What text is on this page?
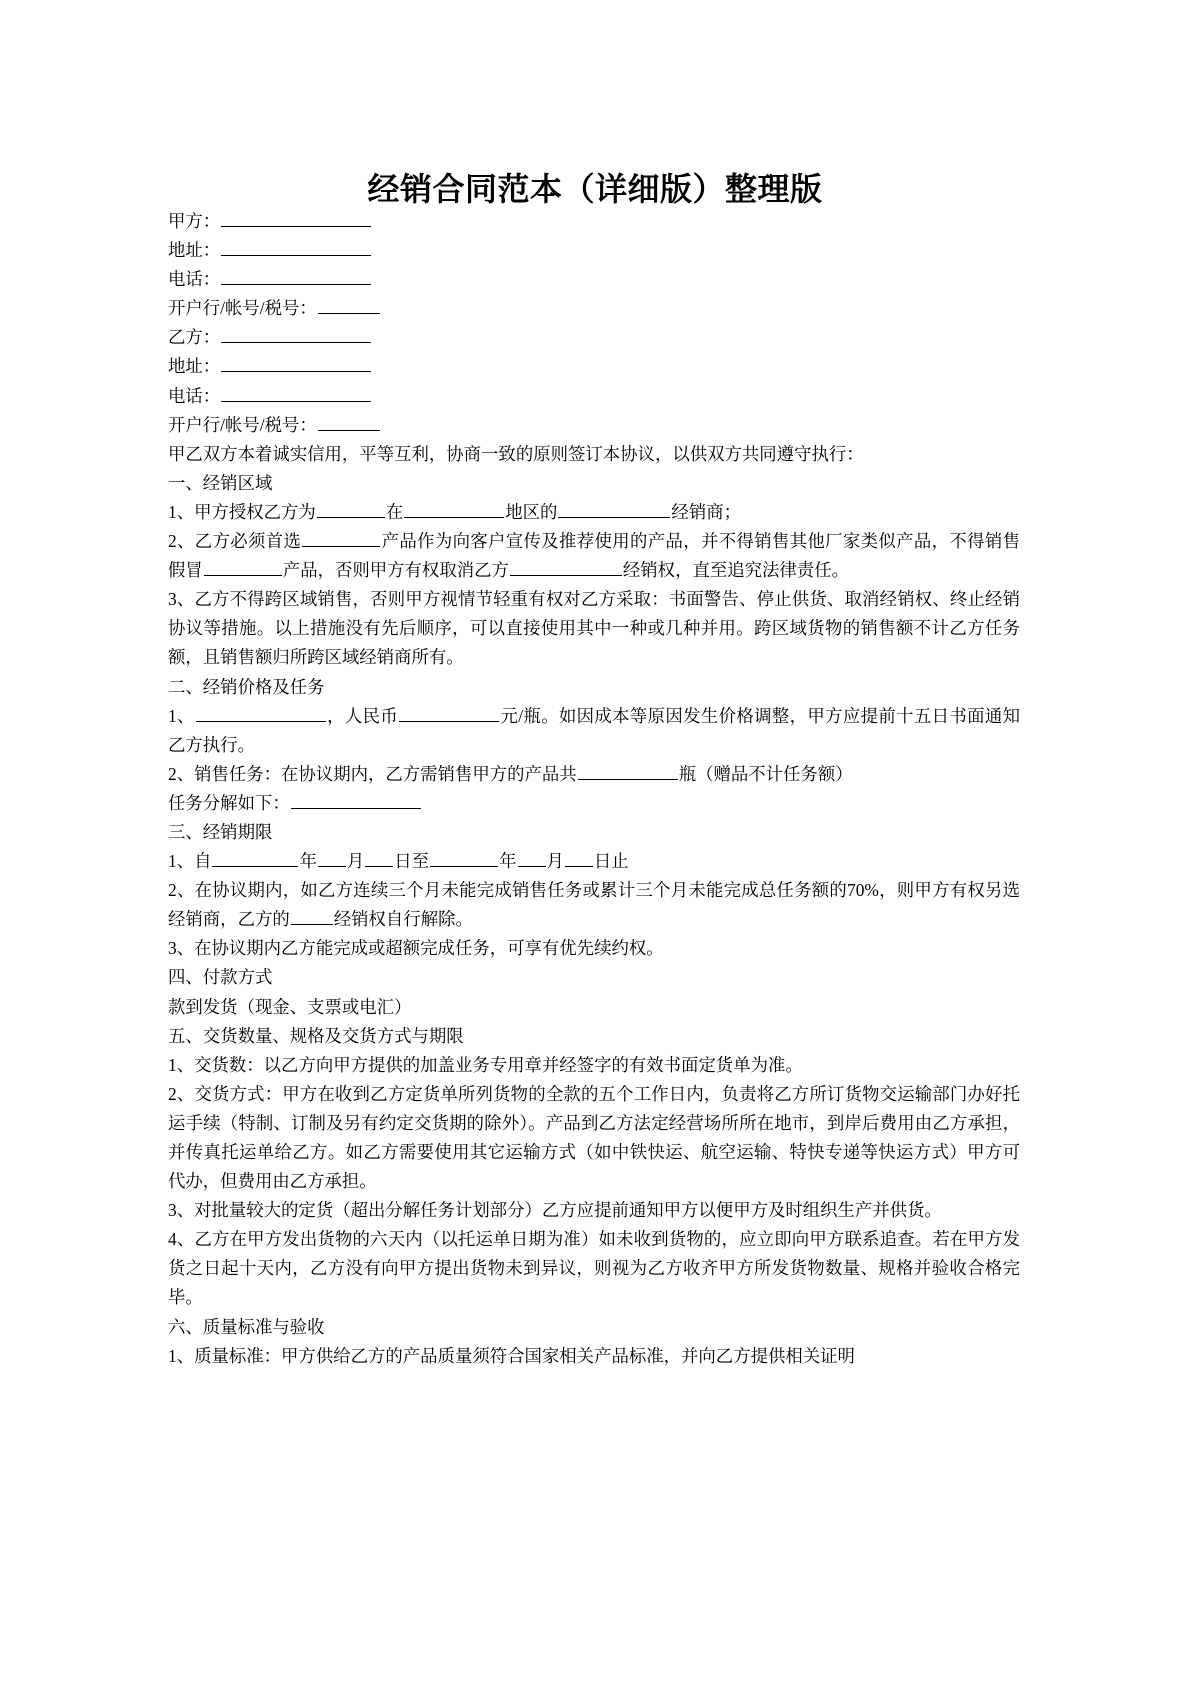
经销合同范本（详细版）整理版
甲方：
地址：
电话：
开户行/帐号/税号：
乙方：
地址：
电话：
开户行/帐号/税号：
甲乙双方本着诚实信用，平等互利，协商一致的原则签订本协议，以供双方共同遵守执行：
一、经销区域
1、甲方授权乙方为	在	地区的	经销商；
2、乙方必须首选	产品作为向客户宣传及推荐使用的产品，并不得销售其他厂家类似产品，不得销售假冒	产品，否则甲方有权取消乙方	经销权，直至追究法律责任。
3、乙方不得跨区域销售，否则甲方视情节轻重有权对乙方采取：书面警告、停止供货、取消经销权、终止经销协议等措施。以上措施没有先后顺序，可以直接使用其中一种或几种并用。跨区域货物的销售额不计乙方任务额，且销售额归所跨区域经销商所有。
二、经销价格及任务
1、	，人民币	元/瓶。如因成本等原因发生价格调整，甲方应提前十五日书面通知乙方执行。
2、销售任务：在协议期内，乙方需销售甲方的产品共	瓶（赠品不计任务额）
任务分解如下：
三、经销期限
1、自	年 月 日至	年 月 日止
2、在协议期内，如乙方连续三个月未能完成销售任务或累计三个月未能完成总任务额的70%，则甲方有权另选经销商，乙方的	经销权自行解除。
3、在协议期内乙方能完成或超额完成任务，可享有优先续约权。
四、付款方式
款到发货（现金、支票或电汇）
五、交货数量、规格及交货方式与期限
1、交货数：以乙方向甲方提供的加盖业务专用章并经签字的有效书面定货单为准。
2、交货方式：甲方在收到乙方定货单所列货物的全款的五个工作日内，负责将乙方所订货物交运输部门办好托运手续（特制、订制及另有约定交货期的除外）。产品到乙方法定经营场所所在地市，到岸后费用由乙方承担，并传真托运单给乙方。如乙方需要使用其它运输方式（如中铁快运、航空运输、特快专递等快运方式）甲方可代办，但费用由乙方承担。
3、对批量较大的定货（超出分解任务计划部分）乙方应提前通知甲方以便甲方及时组织生产并供货。
4、乙方在甲方发出货物的六天内（以托运单日期为准）如未收到货物的，应立即向甲方联系追查。若在甲方发货之日起十天内，乙方没有向甲方提出货物未到异议，则视为乙方收齐甲方所发货物数量、规格并验收合格完毕。
六、质量标准与验收
1、质量标准：甲方供给乙方的产品质量须符合国家相关产品标准，并向乙方提供相关证明
